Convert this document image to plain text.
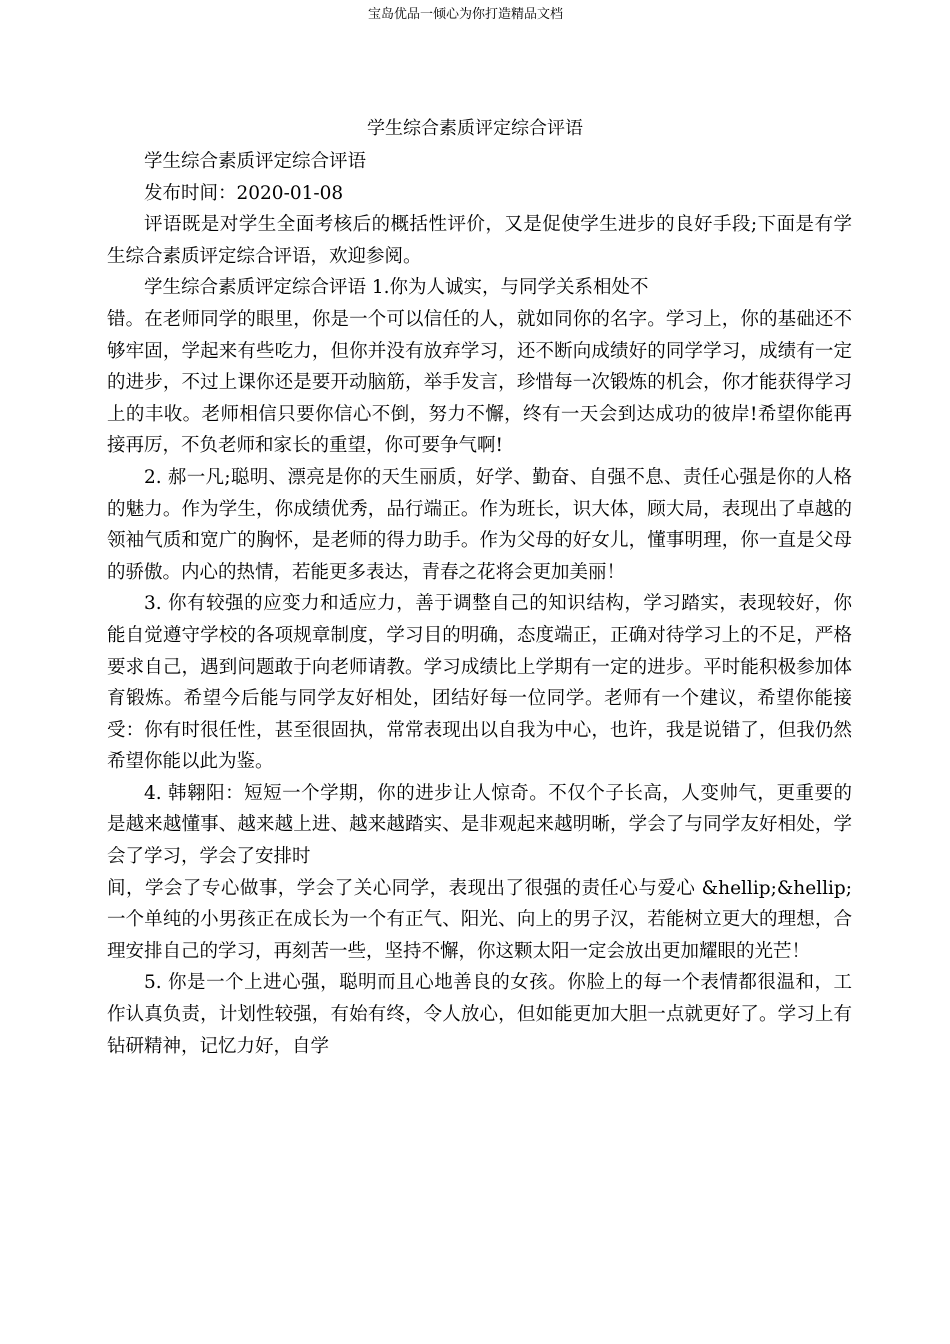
宝岛优品一倾心为你打造精品文档
学生综合素质评定综合评语

学生综合素质评定综合评语

发布时间：2020-01-08

评语既是对学生全面考核后的概括性评价，又是促使学生进步的良好手段;下面是有学生综合素质评定综合评语，欢迎参阅。

学生综合素质评定综合评语 1.你为人诚实，与同学关系相处不

错。在老师同学的眼里，你是一个可以信任的人，就如同你的名字。学习上，你的基础还不够牢固，学起来有些吃力，但你并没有放弃学习，还不断向成绩好的同学学习，成绩有一定的进步，不过上课你还是要开动脑筋，举手发言，珍惜每一次锻炼的机会，你才能获得学习上的丰收。老师相信只要你信心不倒，努力不懈，终有一天会到达成功的彼岸!希望你能再接再厉，不负老师和家长的重望，你可要争气啊!

2. 郝一凡;聪明、漂亮是你的天生丽质，好学、勤奋、自强不息、责任心强是你的人格的魅力。作为学生，你成绩优秀，品行端正。作为班长，识大体，顾大局，表现出了卓越的领袖气质和宽广的胸怀，是老师的得力助手。作为父母的好女儿，懂事明理，你一直是父母的骄傲。内心的热情，若能更多表达，青春之花将会更加美丽！

3. 你有较强的应变力和适应力，善于调整自己的知识结构，学习踏实，表现较好，你能自觉遵守学校的各项规章制度，学习目的明确，态度端正，正确对待学习上的不足，严格要求自己，遇到问题敢于向老师请教。学习成绩比上学期有一定的进步。平时能积极参加体育锻炼。希望今后能与同学友好相处，团结好每一位同学。老师有一个建议，希望你能接受：你有时很任性，甚至很固执，常常表现出以自我为中心，也许，我是说错了，但我仍然希望你能以此为鉴。

4. 韩翱阳：短短一个学期，你的进步让人惊奇。不仅个子长高，人变帅气，更重要的是越来越懂事、越来越上进、越来越踏实、是非观起来越明晰，学会了与同学友好相处，学会了学习，学会了安排时

间，学会了专心做事，学会了关心同学，表现出了很强的责任心与爱心 &hellip;&hellip;一个单纯的小男孩正在成长为一个有正气、阳光、向上的男子汉，若能树立更大的理想，合理安排自己的学习，再刻苦一些，坚持不懈，你这颗太阳一定会放出更加耀眼的光芒！

5. 你是一个上进心强，聪明而且心地善良的女孩。你脸上的每一个表情都很温和，工作认真负责，计划性较强，有始有终，令人放心，但如能更加大胆一点就更好了。学习上有钻研精神，记忆力好，自学
